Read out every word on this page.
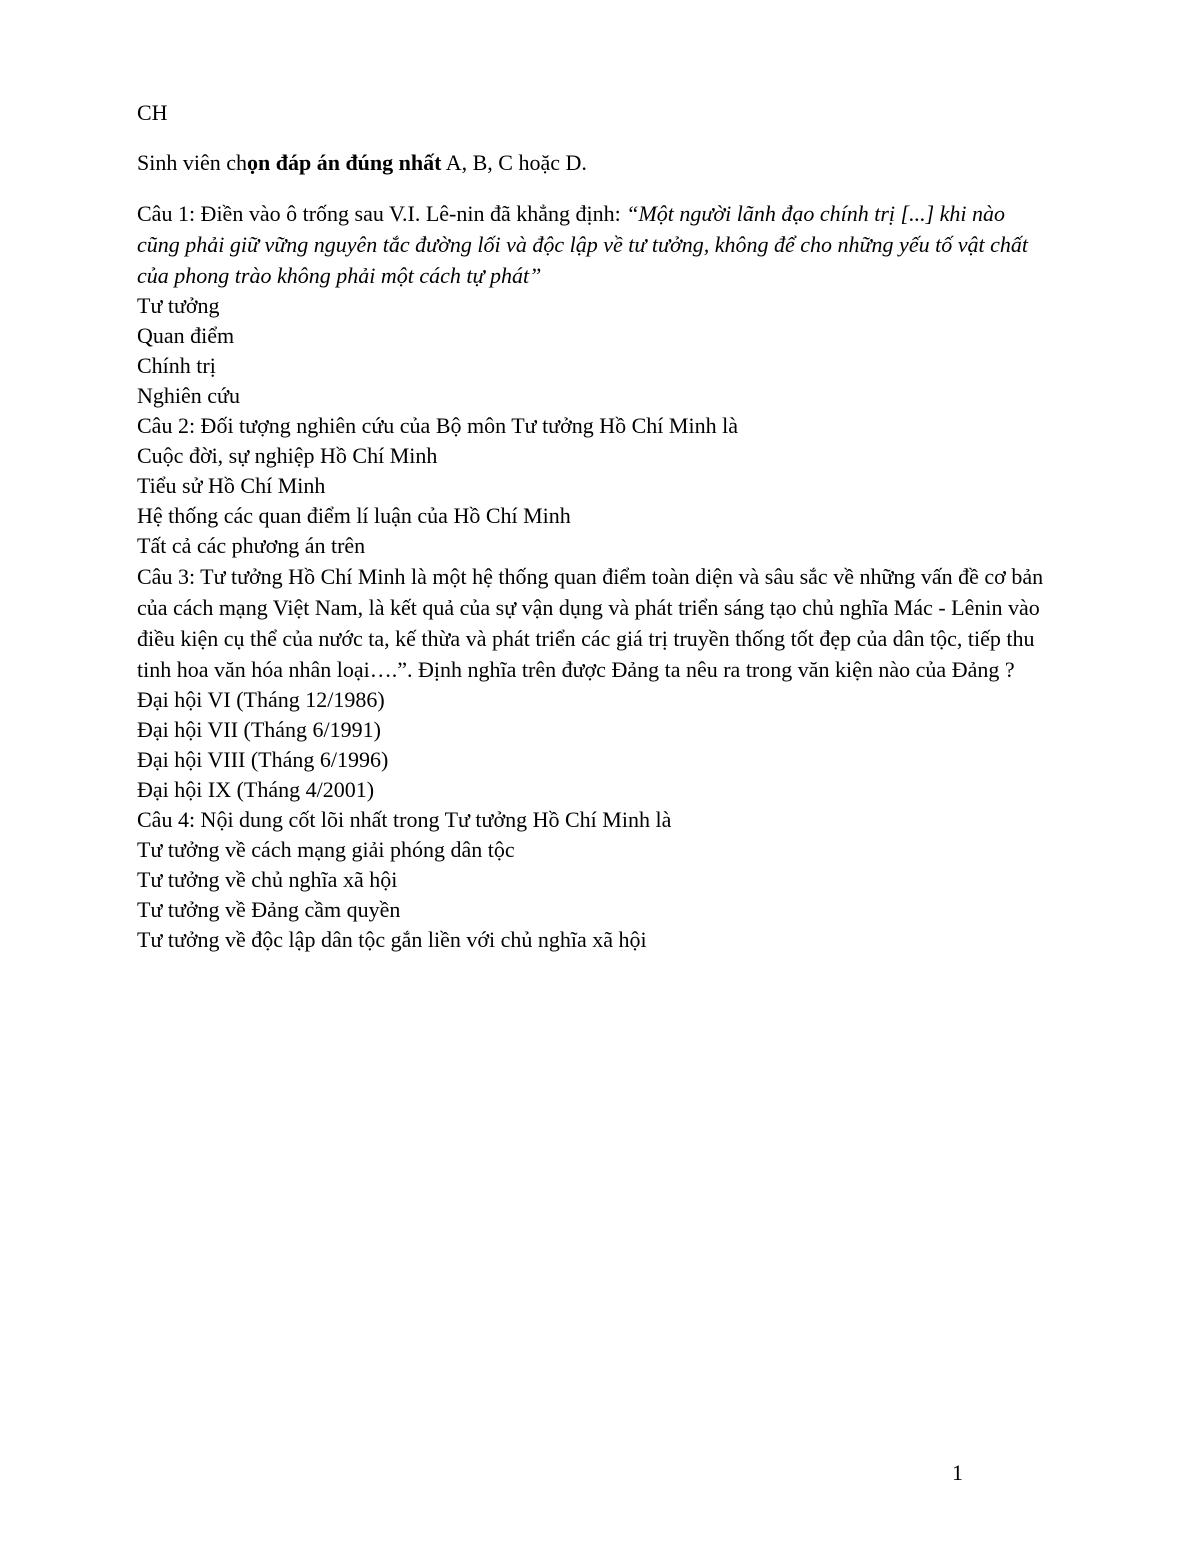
CH
Sinh viên chọn đáp án đúng nhất A, B, C hoặc D.
Câu 1: Điền vào ô trống sau V.I. Lê-nin đã khẳng định: “Một người lãnh đạo chính trị [...] khi nào cũng phải giữ vững nguyên tắc đường lối và độc lập về tư tưởng, không để cho những yếu tố vật chất của phong trào không phải một cách tự phát”
Tư tưởng
Quan điểm
Chính trị
Nghiên cứu
Câu 2: Đối tượng nghiên cứu của Bộ môn Tư tưởng Hồ Chí Minh là
Cuộc đời, sự nghiệp Hồ Chí Minh
Tiểu sử Hồ Chí Minh
Hệ thống các quan điểm lí luận của Hồ Chí Minh
Tất cả các phương án trên
Câu 3: Tư tưởng Hồ Chí Minh là một hệ thống quan điểm toàn diện và sâu sắc về những vấn đề cơ bản của cách mạng Việt Nam, là kết quả của sự vận dụng và phát triển sáng tạo chủ nghĩa Mác - Lênin vào điều kiện cụ thể của nước ta, kế thừa và phát triển các giá trị truyền thống tốt đẹp của dân tộc, tiếp thu tinh hoa văn hóa nhân loại….”. Định nghĩa trên được Đảng ta nêu ra trong văn kiện nào của Đảng ?
Đại hội VI (Tháng 12/1986)
Đại hội VII (Tháng 6/1991)
Đại hội VIII (Tháng 6/1996)
Đại hội IX (Tháng 4/2001)
Câu 4: Nội dung cốt lõi nhất trong Tư tưởng Hồ Chí Minh là
Tư tưởng về cách mạng giải phóng dân tộc
Tư tưởng về chủ nghĩa xã hội
Tư tưởng về Đảng cầm quyền
Tư tưởng về độc lập dân tộc gắn liền với chủ nghĩa xã hội
1
